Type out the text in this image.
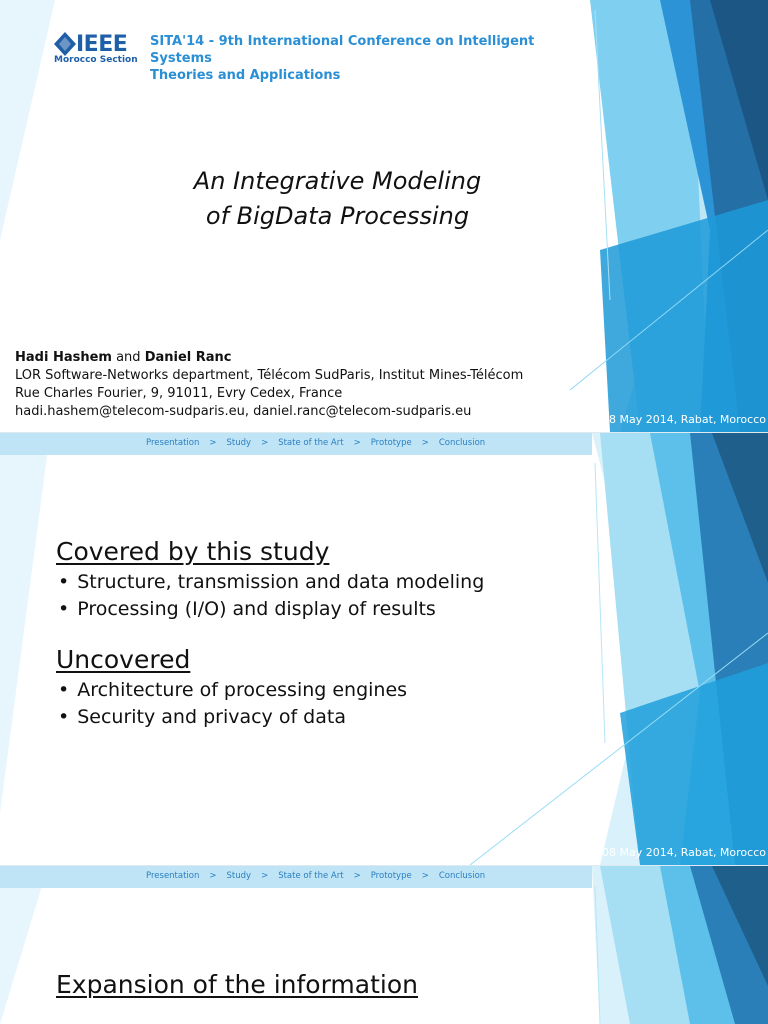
IEEE
Morocco Section
SITA'14 - 9th International Conference on Intelligent Systems
Theories and Applications
An Integrative Modeling
of BigData Processing
Hadi Hashem and Daniel Ranc
LOR Software-Networks department, Télécom SudParis, Institut Mines-Télécom
Rue Charles Fourier, 9, 91011, Evry Cedex, France
hadi.hashem@telecom-sudparis.eu, daniel.ranc@telecom-sudparis.eu
07-08 May 2014, Rabat, Morocco
Presentation > Study > State of the Art > Prototype > Conclusion
Covered by this study
• Structure, transmission and data modeling
• Processing (I/O) and display of results
Uncovered
• Architecture of processing engines
• Security and privacy of data
07-08 May 2014, Rabat, Morocco
Presentation > Study > State of the Art > Prototype > Conclusion
Expansion of the information
